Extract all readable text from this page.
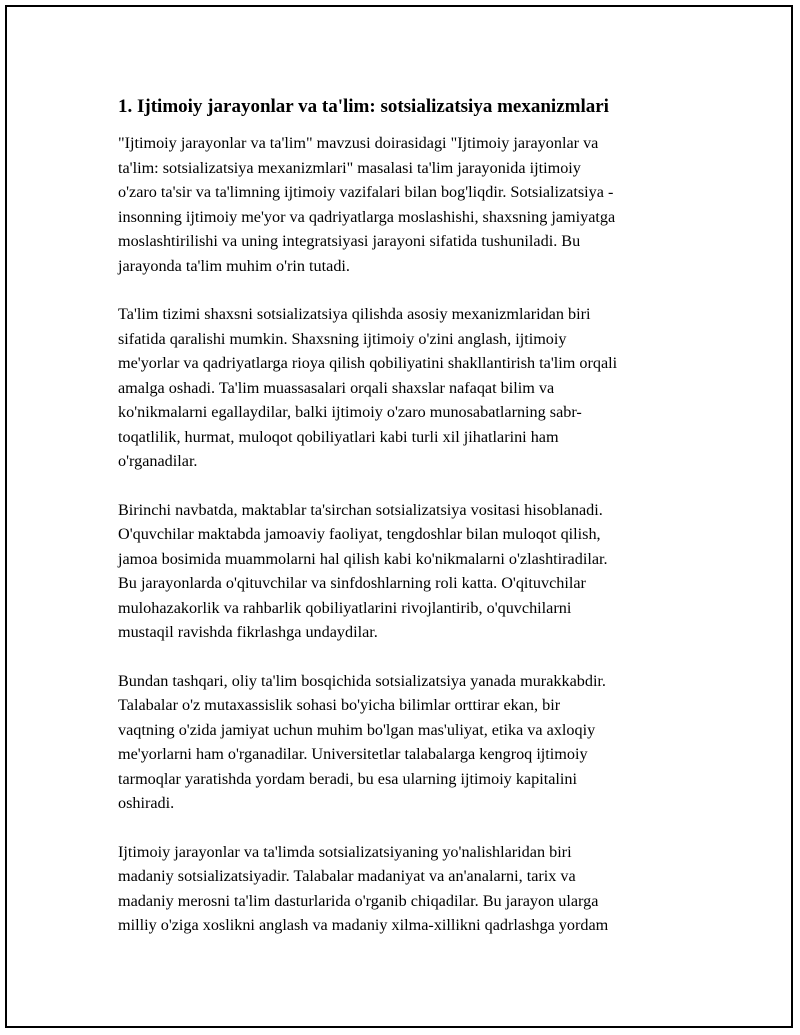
1. Ijtimoiy jarayonlar va ta'lim: sotsializatsiya mexanizmlari
"Ijtimoiy jarayonlar va ta'lim" mavzusi doirasidagi "Ijtimoiy jarayonlar va
ta'lim: sotsializatsiya mexanizmlari" masalasi ta'lim jarayonida ijtimoiy
o'zaro ta'sir va ta'limning ijtimoiy vazifalari bilan bog'liqdir. Sotsializatsiya -
insonning ijtimoiy me'yor va qadriyatlarga moslashishi, shaxsning jamiyatga
moslashtirilishi va uning integratsiyasi jarayoni sifatida tushuniladi. Bu
jarayonda ta'lim muhim o'rin tutadi.
Ta'lim tizimi shaxsni sotsializatsiya qilishda asosiy mexanizmlaridan biri
sifatida qaralishi mumkin. Shaxsning ijtimoiy o'zini anglash, ijtimoiy
me'yorlar va qadriyatlarga rioya qilish qobiliyatini shakllantirish ta'lim orqali
amalga oshadi. Ta'lim muassasalari orqali shaxslar nafaqat bilim va
ko'nikmalarni egallaydilar, balki ijtimoiy o'zaro munosabatlarning sabr-
toqatlilik, hurmat, muloqot qobiliyatlari kabi turli xil jihatlarini ham
o'rganadilar.
Birinchi navbatda, maktablar ta'sirchan sotsializatsiya vositasi hisoblanadi.
O'quvchilar maktabda jamoaviy faoliyat, tengdoshlar bilan muloqot qilish,
jamoa bosimida muammolarni hal qilish kabi ko'nikmalarni o'zlashtiradilar.
Bu jarayonlarda o'qituvchilar va sinfdoshlarning roli katta. O'qituvchilar
mulohazakorlik va rahbarlik qobiliyatlarini rivojlantirib, o'quvchilarni
mustaqil ravishda fikrlashga undaydilar.
Bundan tashqari, oliy ta'lim bosqichida sotsializatsiya yanada murakkabdir.
Talabalar o'z mutaxassislik sohasi bo'yicha bilimlar orttirar ekan, bir
vaqtning o'zida jamiyat uchun muhim bo'lgan mas'uliyat, etika va axloqiy
me'yorlarni ham o'rganadilar. Universitetlar talabalarga kengroq ijtimoiy
tarmoqlar yaratishda yordam beradi, bu esa ularning ijtimoiy kapitalini
oshiradi.
Ijtimoiy jarayonlar va ta'limda sotsializatsiyaning yo'nalishlaridan biri
madaniy sotsializatsiyadir. Talabalar madaniyat va an'analarni, tarix va
madaniy merosni ta'lim dasturlarida o'rganib chiqadilar. Bu jarayon ularga
milliy o'ziga xoslikni anglash va madaniy xilma-xillikni qadrlashga yordam
